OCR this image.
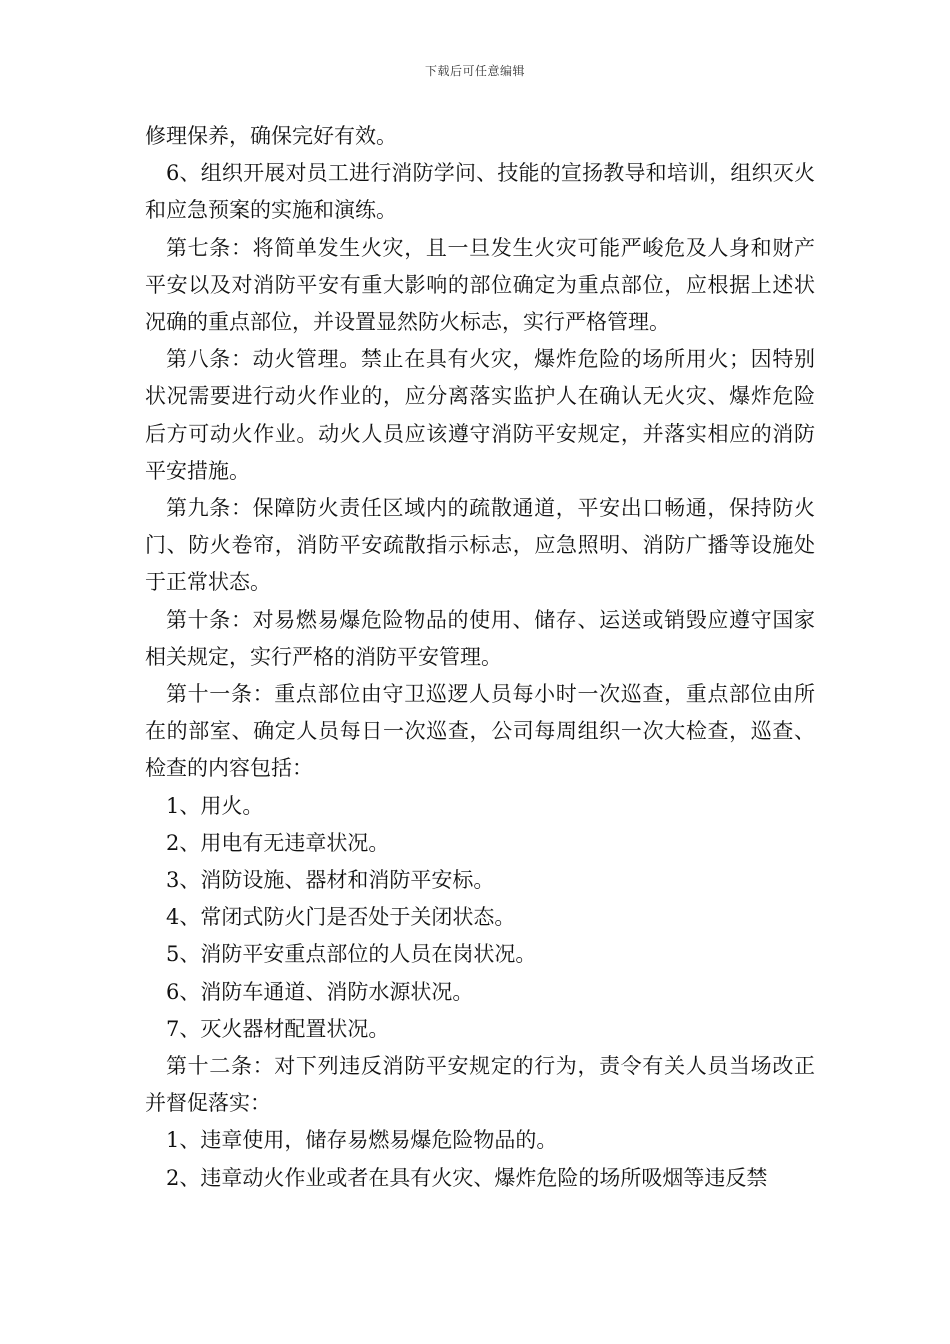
下载后可任意编辑

修理保养，确保完好有效。

6、组织开展对员工进行消防学问、技能的宣扬教导和培训，组织灭火和应急预案的实施和演练。

第七条：将简单发生火灾，且一旦发生火灾可能严峻危及人身和财产平安以及对消防平安有重大影响的部位确定为重点部位，应根据上述状况确的重点部位，并设置显然防火标志，实行严格管理。

第八条：动火管理。禁止在具有火灾，爆炸危险的场所用火；因特别状况需要进行动火作业的，应分离落实监护人在确认无火灾、爆炸危险后方可动火作业。动火人员应该遵守消防平安规定，并落实相应的消防平安措施。

第九条：保障防火责任区域内的疏散通道，平安出口畅通，保持防火门、防火卷帘，消防平安疏散指示标志，应急照明、消防广播等设施处于正常状态。

第十条：对易燃易爆危险物品的使用、储存、运送或销毁应遵守国家相关规定，实行严格的消防平安管理。

第十一条：重点部位由守卫巡逻人员每小时一次巡查，重点部位由所在的部室、确定人员每日一次巡查，公司每周组织一次大检查，巡查、检查的内容包括：

1、用火。

2、用电有无违章状况。

3、消防设施、器材和消防平安标。

4、常闭式防火门是否处于关闭状态。

5、消防平安重点部位的人员在岗状况。

6、消防车通道、消防水源状况。

7、灭火器材配置状况。

第十二条：对下列违反消防平安规定的行为，责令有关人员当场改正并督促落实：

1、违章使用，储存易燃易爆危险物品的。

2、违章动火作业或者在具有火灾、爆炸危险的场所吸烟等违反禁
